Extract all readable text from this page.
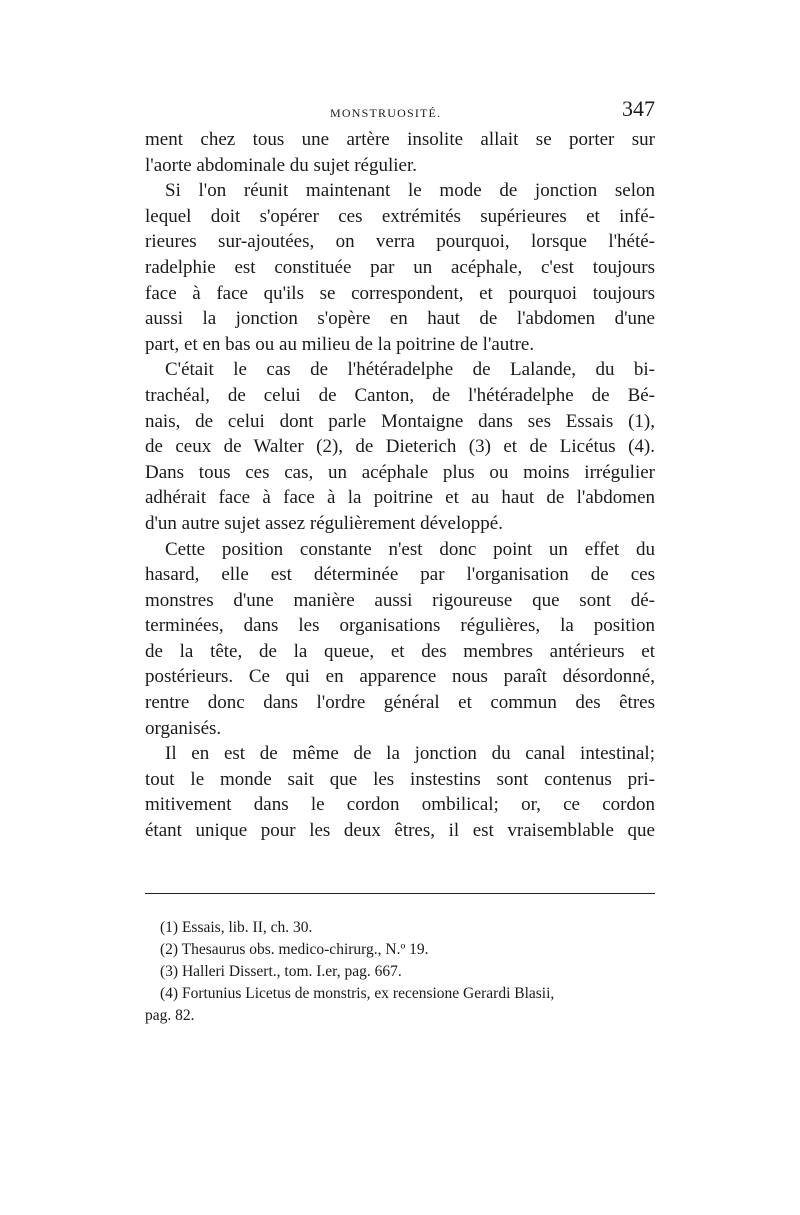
MONSTRUOSITÉ.	347
ment chez tous une artère insolite allait se porter sur
l'aorte abdominale du sujet régulier.
Si l'on réunit maintenant le mode de jonction selon
lequel doit s'opérer ces extrémités supérieures et infé-
rieures sur-ajoutées, on verra pourquoi, lorsque l'hété-
radelphie est constituée par un acéphale, c'est toujours
face à face qu'ils se correspondent, et pourquoi toujours
aussi la jonction s'opère en haut de l'abdomen d'une
part, et en bas ou au milieu de la poitrine de l'autre.
C'était le cas de l'hétéradelphe de Lalande, du bi-
trachéal, de celui de Canton, de l'hétéradelphe de Bé-
nais, de celui dont parle Montaigne dans ses Essais (1),
de ceux de Walter (2), de Dieterich (3) et de Licétus (4).
Dans tous ces cas, un acéphale plus ou moins irrégulier
adhérait face à face à la poitrine et au haut de l'abdomen
d'un autre sujet assez régulièrement développé.
Cette position constante n'est donc point un effet du
hasard, elle est déterminée par l'organisation de ces
monstres d'une manière aussi rigoureuse que sont dé-
terminées, dans les organisations régulières, la position
de la tête, de la queue, et des membres antérieurs et
postérieurs. Ce qui en apparence nous paraît désordonné,
rentre donc dans l'ordre général et commun des êtres
organisés.
Il en est de même de la jonction du canal intestinal;
tout le monde sait que les instestins sont contenus pri-
mitivement dans le cordon ombilical; or, ce cordon
étant unique pour les deux êtres, il est vraisemblable que
(1) Essais, lib. II, ch. 30.
(2) Thesaurus obs. medico-chirurg., N.º 19.
(3) Halleri Dissert., tom. I.er, pag. 667.
(4) Fortunius Licetus de monstris, ex recensione Gerardi Blasii,
pag. 82.
